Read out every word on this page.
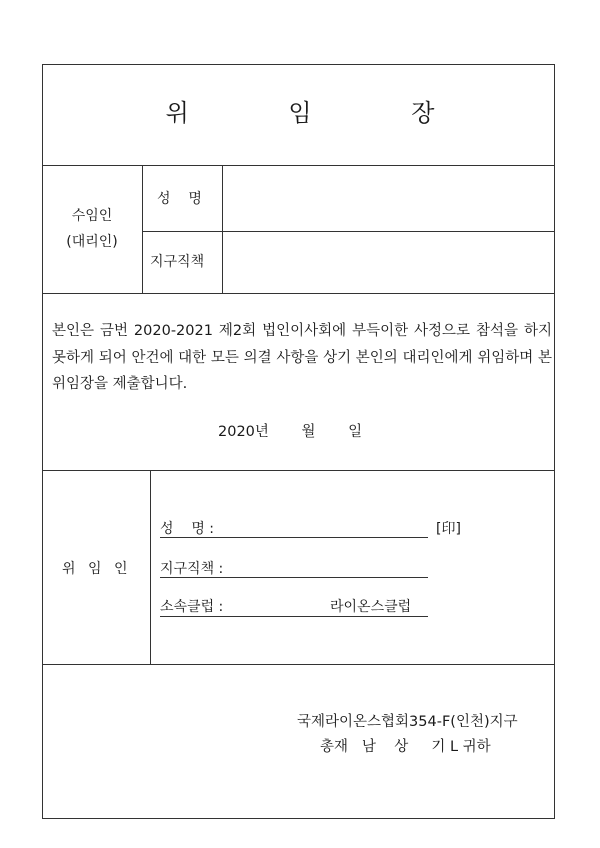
위 임 장
수임인
(대리인)
성    명
지구직책
본인은 금번 2020-2021 제2회 법인이사회에 부득이한 사정으로 참석을 하지 못하게 되어 안건에 대한 모든 의결 사항을 상기 본인의 대리인에게 위임하며 본 위임장을 제출합니다.
2020년 월 일
위 임 인
성    명 :	[印]
지구직책 :
소속클럽 :	라이온스클럽
국제라이온스협회354-F(인천)지구
총재   남    상     기 L 귀하
